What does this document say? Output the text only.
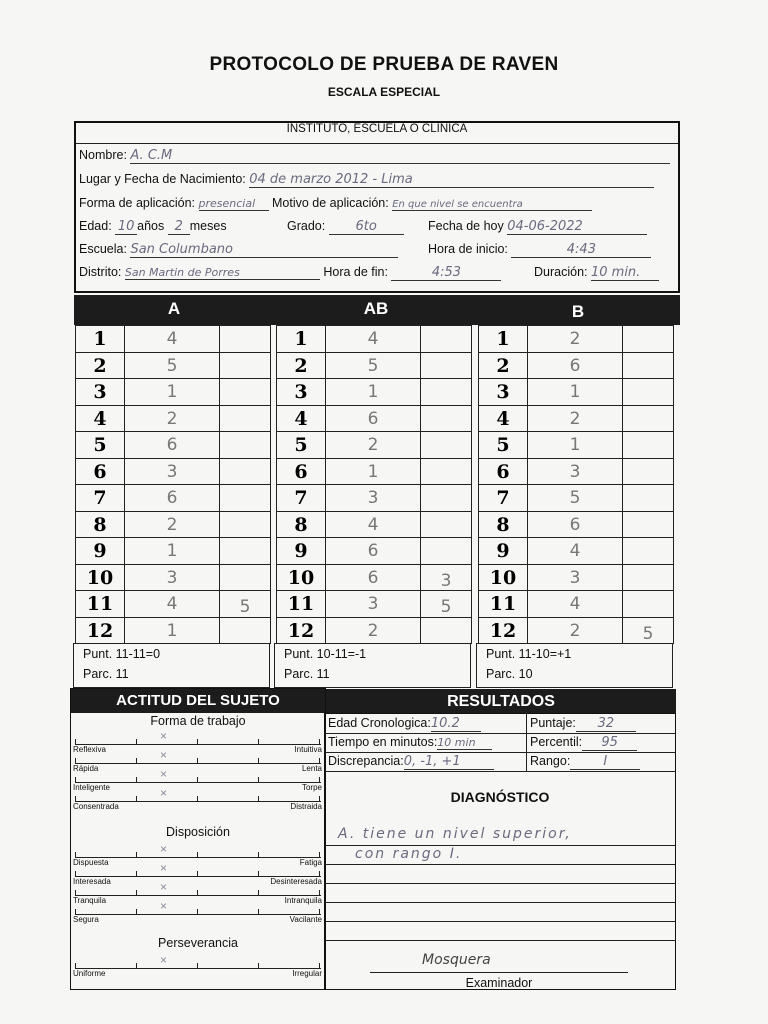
PROTOCOLO DE PRUEBA DE RAVEN
ESCALA ESPECIAL
INSTITUTO, ESCUELA O CLINICA
Nombre: A. C.M
Lugar y Fecha de Nacimiento: 04 de marzo 2012 - Lima
Forma de aplicación: presencial Motivo de aplicación: En que nivel se encuentra
Edad: 10 años 2 meses	Grado: 6to	Fecha de hoy 04-06-2022
Escuela: San Columbano	Hora de inicio:	4:43
Distrito: San Martin de Porres	Hora de fin:	4:53	Duración: 10 min.
A	AB	B
1	4
2	5
3	1
4	2
5	6
6	3
7	6
8	2
9	1
10	3
11	4	5
12	1
Punt. 11-11=0
Parc. 11
1	4
2	5
3	1
4	6
5	2
6	1
7	3
8	4
9	6
10	6	3
11	3	5
12	2
Punt. 10-11=-1
Parc. 11
1	2
2	6
3	1
4	2
5	1
6	3
7	5
8	6
9	4
10	3
11	4
12	2	5
Punt. 11-10=+1
Parc. 10
ACTITUD DEL SUJETO
Forma de trabajo
Disposición
Perseverancia
×
Reflexiva	Intuitiva
×
Rápida	Lenta
×
Inteligente	Torpe
×
Consentrada	Distraida
×
Dispuesta	Fatiga
×
Interesada	Desinteresada
×
Tranquila	Intranquila
×
Segura	Vacilante
×
Uniforme	Irregular
RESULTADOS
Edad Cronologica:10.2	Puntaje: 32
Tiempo en minutos:10 min	Percentil: 95
Discrepancia:0, -1, +1	Rango:	I
DIAGNÓSTICO
A. tiene un nivel superior,
con rango I.
Mosquera
Examinador
